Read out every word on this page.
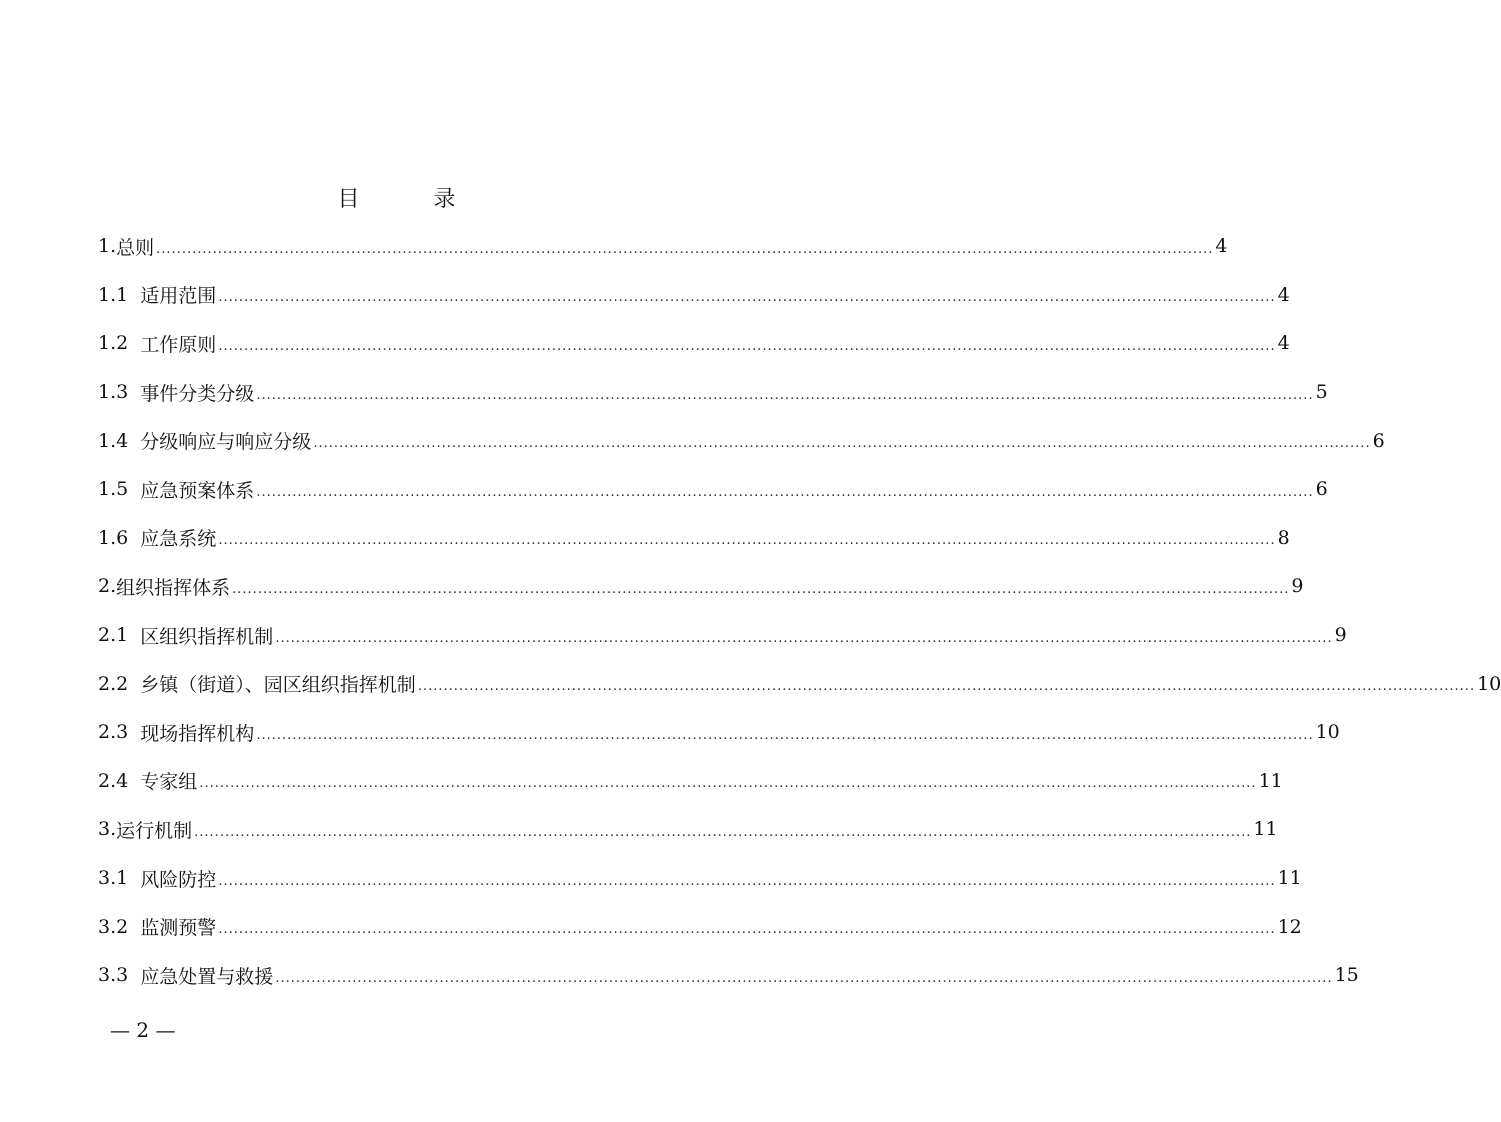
目　录
1. 总则 .............................................................................................................................................................................................................. 4
1.1 适用范围 .............................................................................................................................................................................................................. 4
1.2 工作原则 .............................................................................................................................................................................................................. 4
1.3 事件分类分级 .............................................................................................................................................................................................................. 5
1.4 分级响应与响应分级 .............................................................................................................................................................................................................. 6
1.5 应急预案体系 .............................................................................................................................................................................................................. 6
1.6 应急系统 .............................................................................................................................................................................................................. 8
2. 组织指挥体系 .............................................................................................................................................................................................................. 9
2.1 区组织指挥机制 .............................................................................................................................................................................................................. 9
2.2 乡镇（街道）、园区组织指挥机制 .............................................................................................................................................................................................................. 10
2.3 现场指挥机构 .............................................................................................................................................................................................................. 10
2.4 专家组 .............................................................................................................................................................................................................. 11
3. 运行机制 .............................................................................................................................................................................................................. 11
3.1 风险防控 .............................................................................................................................................................................................................. 11
3.2 监测预警 .............................................................................................................................................................................................................. 12
3.3 应急处置与救援 .............................................................................................................................................................................................................. 15
— 2 —
